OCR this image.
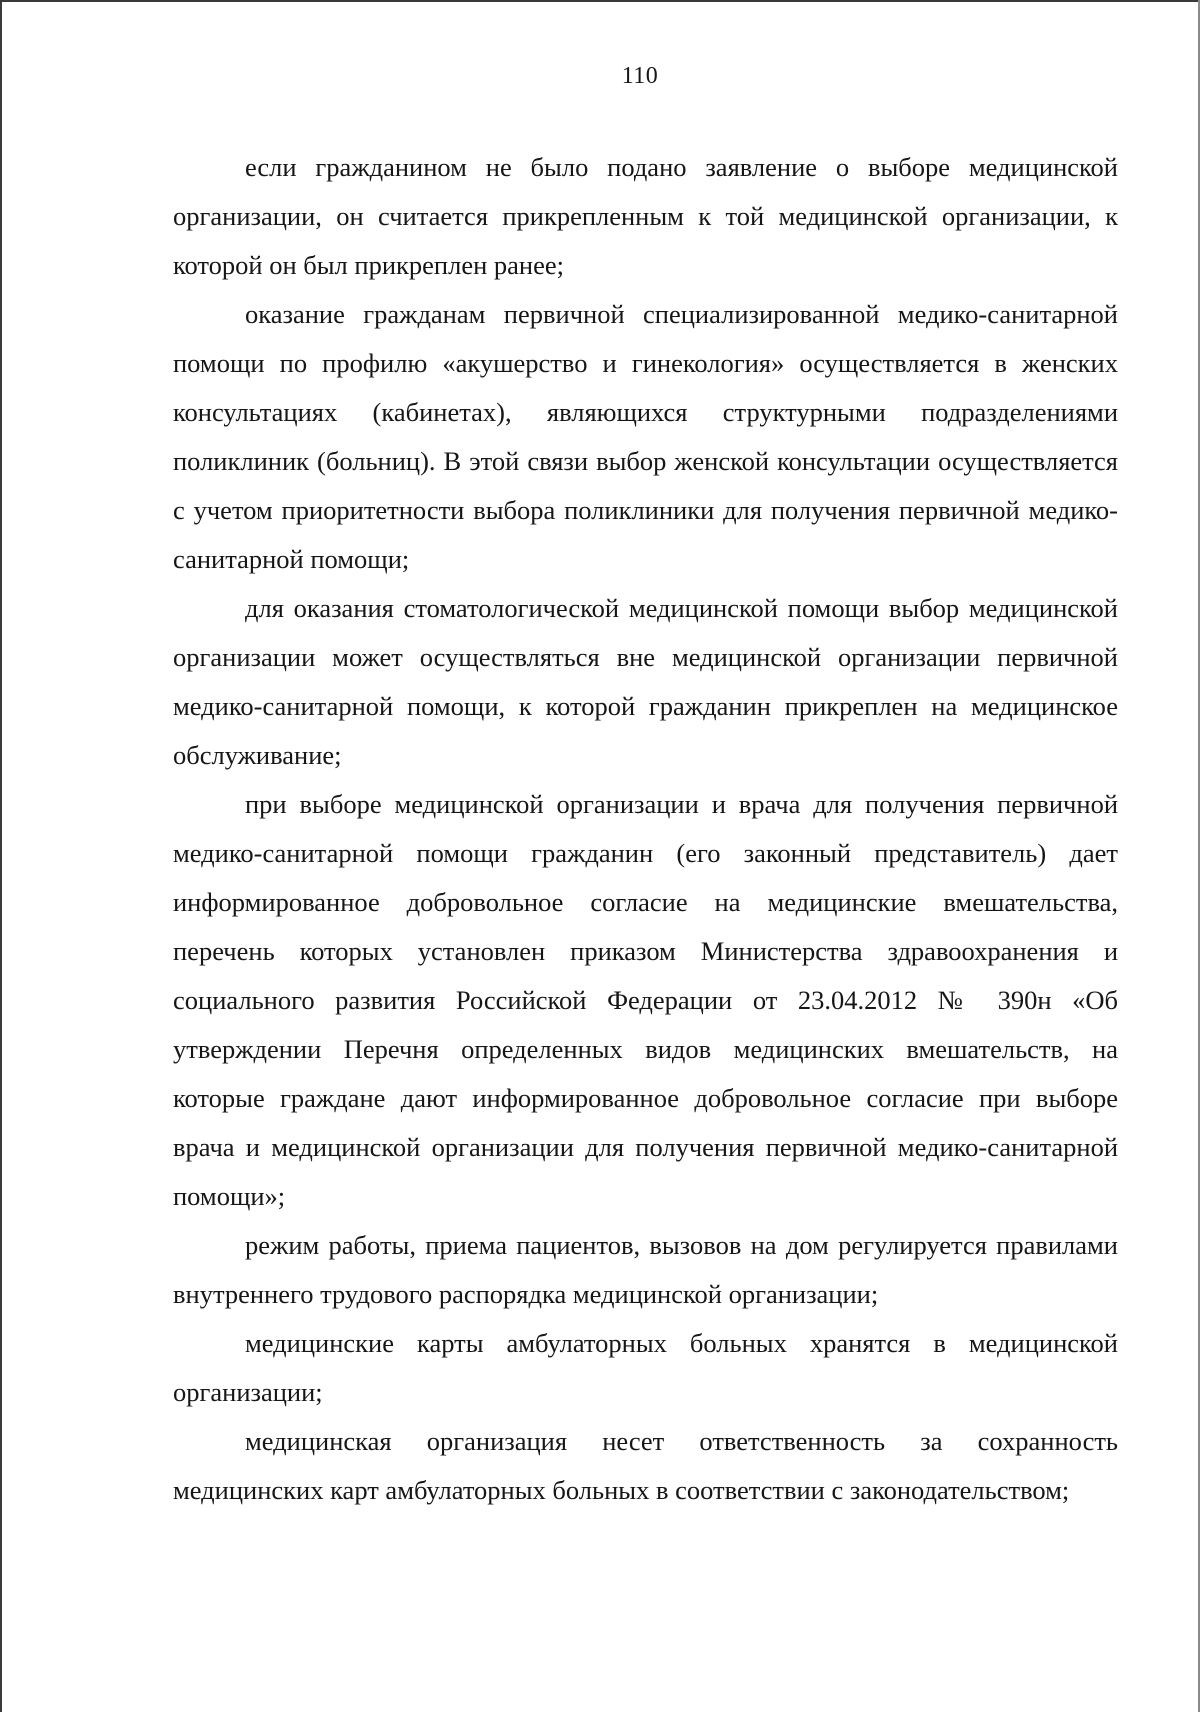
110

если гражданином не было подано заявление о выборе медицинской организации, он считается прикрепленным к той медицинской организации, к которой он был прикреплен ранее;

оказание гражданам первичной специализированной медико-санитарной помощи по профилю «акушерство и гинекология» осуществляется в женских консультациях (кабинетах), являющихся структурными подразделениями поликлиник (больниц). В этой связи выбор женской консультации осуществляется с учетом приоритетности выбора поликлиники для получения первичной медико-санитарной помощи;

для оказания стоматологической медицинской помощи выбор медицинской организации может осуществляться вне медицинской организации первичной медико-санитарной помощи, к которой гражданин прикреплен на медицинское обслуживание;

при выборе медицинской организации и врача для получения первичной медико-санитарной помощи гражданин (его законный представитель) дает информированное добровольное согласие на медицинские вмешательства, перечень которых установлен приказом Министерства здравоохранения и социального развития Российской Федерации от 23.04.2012 № 390н «Об утверждении Перечня определенных видов медицинских вмешательств, на которые граждане дают информированное добровольное согласие при выборе врача и медицинской организации для получения первичной медико-санитарной помощи»;

режим работы, приема пациентов, вызовов на дом регулируется правилами внутреннего трудового распорядка медицинской организации;

медицинские карты амбулаторных больных хранятся в медицинской организации;

медицинская организация несет ответственность за сохранность медицинских карт амбулаторных больных в соответствии с законодательством;
